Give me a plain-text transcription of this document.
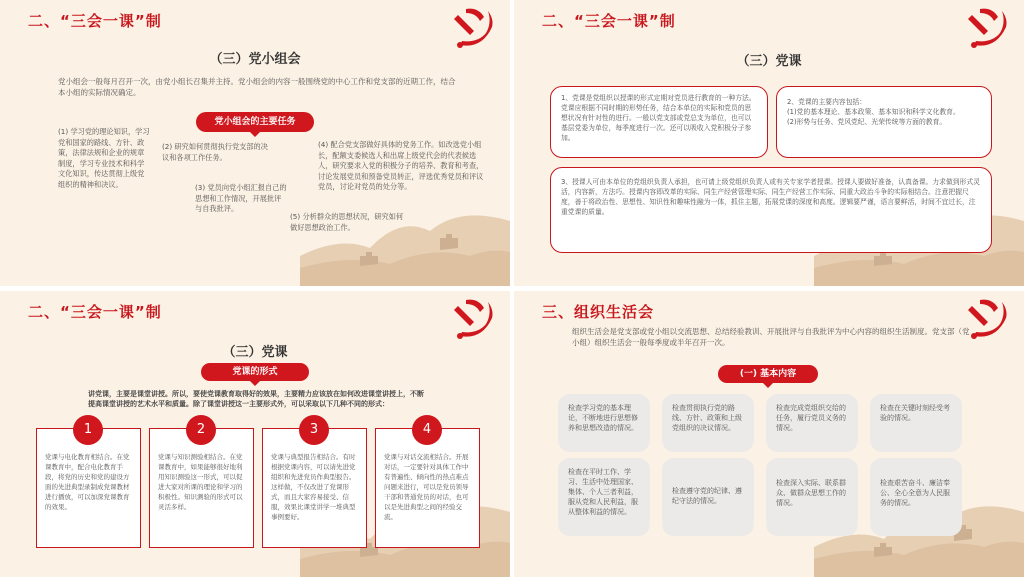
二、“三会一课”制
（三）党小组会
党小组会一般每月召开一次，由党小组长召集并主持。党小组会的内容一般围绕党的中心工作和党支部的近期工作，结合本小组的实际情况确定。
党小组会的主要任务
(1) 学习党的理论知识，学习党和国家的路线、方针、政策，法律法规和企业的规章制度，学习专业技术和科学文化知识，传达贯彻上级党组织的精神和决议。
(2) 研究如何贯彻执行党支部的决议和各项工作任务。
(3) 党员向党小组汇报自己的思想和工作情况，开展批评与自我批评。
(4) 配合党支部做好具体的党务工作。如改选党小组长，配额支委候选人和出席上级党代会的代表候选人，研究要求入党的积极分子的培养、教育和考查，讨论发展党员和预备党员转正，评选优秀党员和评议党员，讨论对党员的处分等。
(5) 分析群众的思想状况，研究如何做好思想政治工作。
二、“三会一课”制
（三）党课
1、党课是党组织以授课的形式定期对党员进行教育的一种方法。党课应根据不同时期的形势任务，结合本单位的实际和党员的思想状况有针对性的进行。一般以党支部或党总支为单位，也可以基层党委为单位，每季度进行一次。还可以吸收入党积极分子参加。
2、党课的主要内容包括：
(1)党的基本理论、基本政策、基本知识和科学文化教育。
(2)形势与任务、党风党纪、光荣传统等方面的教育。
3、授课人可由本单位的党组织负责人承担，也可请上级党组织负责人或有关专家学者授课。授课人要做好准备，认真备课。力求做到形式灵活，内容新，方法巧。授课内容即改革的实际、同生产经营管理实际、同生产经营工作实际、同重大政治斗争的实际相结合。注意把握尺度，善于将政治性、思想性、知识性和趣味性融为一体，抓住主题，拓展党课的深度和高度。逻辑要严谨，语言要鲜活，时间不宜过长，注重党课的质量。
二、“三会一课”制
（三）党课
党课的形式
讲党课，主要是课堂讲授。所以，要使党课教育取得好的效果，主要精力应该放在如何改进课堂讲授上，不断提高课堂讲授的艺术水平和质量。除了课堂讲授这一主要形式外，可以采取以下几种不同的形式：
1
党课与电化教育相结合。在党课教育中，配合电化教育手段，将党的历史和党的建设方面的先进典型录制成党课教材进行播放，可以加深党课教育的效果。
2
党课与知识测验相结合。在党课教育中，如果能够很好地利用知识测验这一形式，可以促进大家对所课的理论和学习的积极性。知识测验的形式可以灵活多样。
3
党课与典型报告相结合。有时根据党课内容，可以请先进党组织和先进党员作典型报告。这样做，不仅改进了党课形式，而且大家容易接受、信服，效果比课堂讲学一堆典型事例要好。
4
党课与对话交流相结合。开展对话，一定要针对具体工作中有普遍性、倾向性的热点难点问题来进行，可以是党员领导干部和普通党员的对话，也可以是先进典型之间的经验交流。
三、组织生活会
组织生活会是党支部或党小组以交流思想、总结经验教训、开展批评与自我批评为中心内容的组织生活制度。党支部（党小组）组织生活会一般每季度或半年召开一次。
(一) 基本内容
检查学习党的基本理论，不断地进行思想修养和思想改造的情况。
检查贯彻执行党的路线、方针、政策和上级党组织的决议情况。
检查完成党组织交给的任务，履行党员义务的情况。
检查在关键时刻经受考验的情况。
检查在平时工作、学习、生活中处理国家、集体、个人三者利益，服从党和人民利益，服从整体利益的情况。
检查遵守党的纪律、遵纪守法的情况。
检查深入实际、联系群众、做群众思想工作的情况。
检查艰苦奋斗、廉洁奉公、全心全意为人民服务的情况。
